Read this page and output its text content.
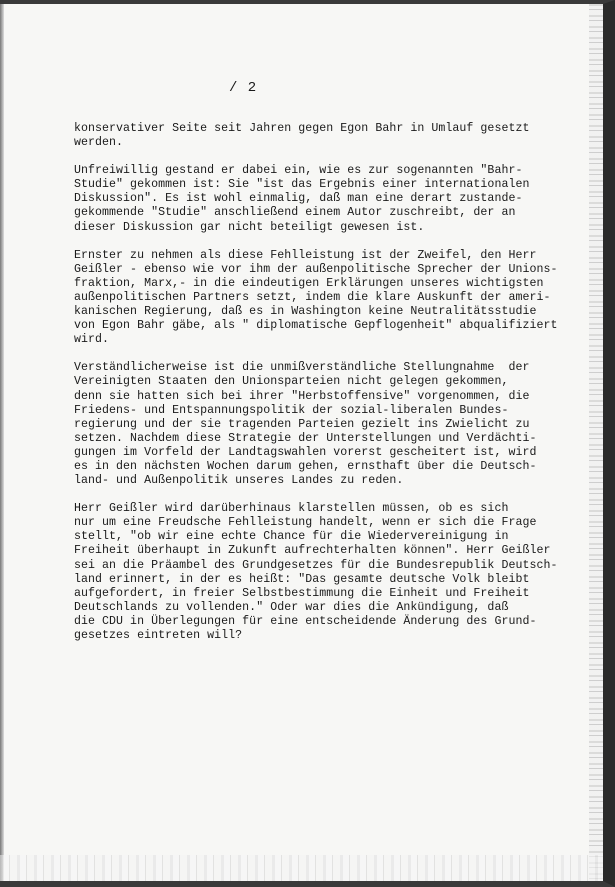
/ 2

konservativer Seite seit Jahren gegen Egon Bahr in Umlauf gesetzt
werden.

Unfreiwillig gestand er dabei ein, wie es zur sogenannten "Bahr-
Studie" gekommen ist: Sie "ist das Ergebnis einer internationalen
Diskussion". Es ist wohl einmalig, daß man eine derart zustande-
gekommende "Studie" anschließend einem Autor zuschreibt, der an
dieser Diskussion gar nicht beteiligt gewesen ist.

Ernster zu nehmen als diese Fehlleistung ist der Zweifel, den Herr
Geißler - ebenso wie vor ihm der außenpolitische Sprecher der Unions-
fraktion, Marx,- in die eindeutigen Erklärungen unseres wichtigsten
außenpolitischen Partners setzt, indem die klare Auskunft der ameri-
kanischen Regierung, daß es in Washington keine Neutralitätsstudie
von Egon Bahr gäbe, als " diplomatische Gepflogenheit" abqualifiziert
wird.

Verständlicherweise ist die unmißverständliche Stellungnahme  der
Vereinigten Staaten den Unionsparteien nicht gelegen gekommen,
denn sie hatten sich bei ihrer "Herbstoffensive" vorgenommen, die
Friedens- und Entspannungspolitik der sozial-liberalen Bundes-
regierung und der sie tragenden Parteien gezielt ins Zwielicht zu
setzen. Nachdem diese Strategie der Unterstellungen und Verdächti-
gungen im Vorfeld der Landtagswahlen vorerst gescheitert ist, wird
es in den nächsten Wochen darum gehen, ernsthaft über die Deutsch-
land- und Außenpolitik unseres Landes zu reden.

Herr Geißler wird darüberhinaus klarstellen müssen, ob es sich
nur um eine Freudsche Fehlleistung handelt, wenn er sich die Frage
stellt, "ob wir eine echte Chance für die Wiedervereinigung in
Freiheit überhaupt in Zukunft aufrechterhalten können". Herr Geißler
sei an die Präambel des Grundgesetzes für die Bundesrepublik Deutsch-
land erinnert, in der es heißt: "Das gesamte deutsche Volk bleibt
aufgefordert, in freier Selbstbestimmung die Einheit und Freiheit
Deutschlands zu vollenden." Oder war dies die Ankündigung, daß
die CDU in Überlegungen für eine entscheidende Änderung des Grund-
gesetzes eintreten will?
